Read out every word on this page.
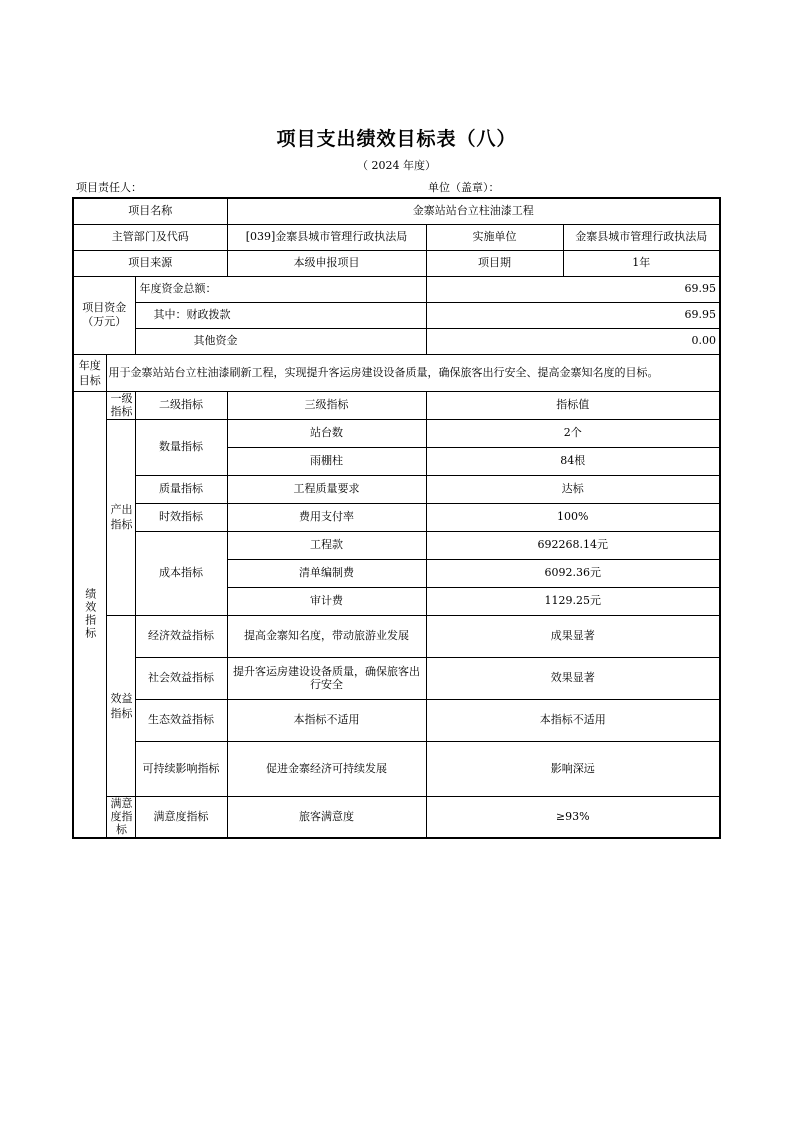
项目支出绩效目标表（八）
（ 2024 年度）
项目责任人：	单位（盖章）：
项目名称			金寨站站台立柱油漆工程		
主管部门及代码			[039]金寨县城市管理行政执法局	实施单位	金寨县城市管理行政执法局
项目来源			本级申报项目	项目期	1年
项目资金
（万元）		年度资金总额：		69.95	
		其中：财政拨款		69.95	
		其他资金		0.00	

年度目标	用于金寨站站台立柱油漆刷新工程，实现提升客运房建设设备质量，确保旅客出行安全、提高金寨知名度的目标。				

绩效指标	一级指标	二级指标	三级指标	指标值	

	产出指标	数量指标	站台数	2个	
			雨棚柱	84根	
		质量指标	工程质量要求	达标	
		时效指标	费用支付率	100%	
		成本指标	工程款	692268.14元	
			清单编制费	6092.36元	
			审计费	1129.25元	

	效益指标	经济效益指标	提高金寨知名度，带动旅游业发展	成果显著	
		社会效益指标	提升客运房建设设备质量，确保旅客出行安全	效果显著	
		生态效益指标	本指标不适用	本指标不适用	
		可持续影响指标	促进金寨经济可持续发展	影响深远	

	满意度指标	满意度指标	旅客满意度	≥93%	
